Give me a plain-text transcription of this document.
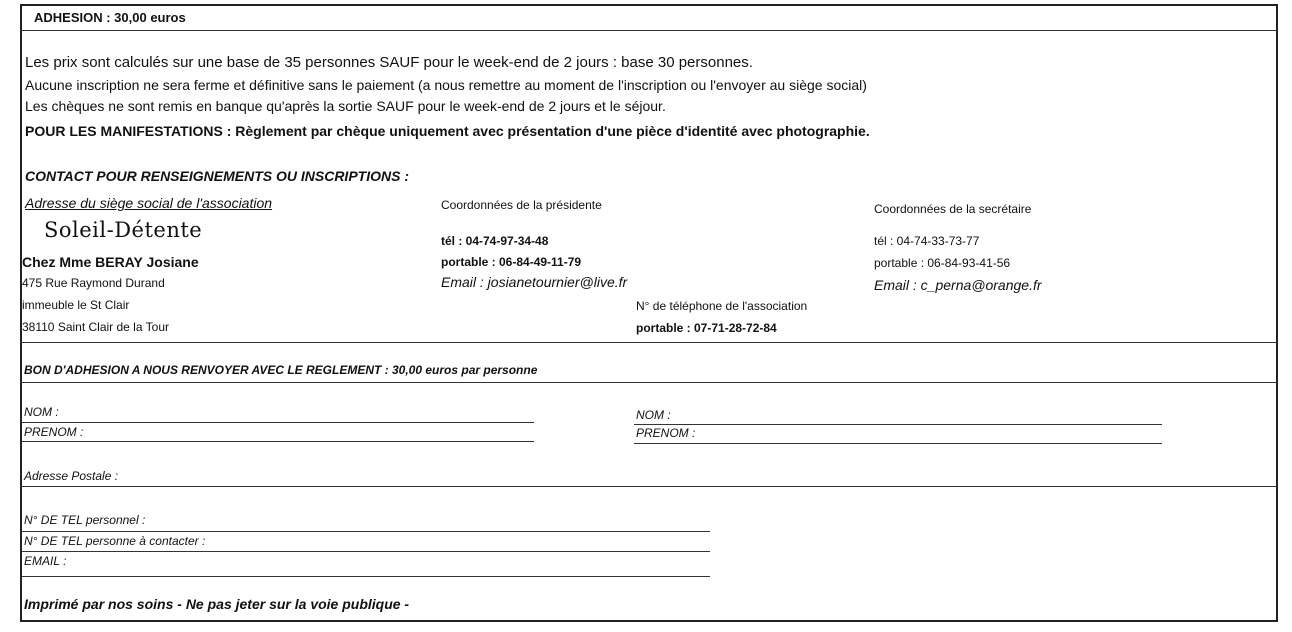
ADHESION : 30,00 euros
Les prix sont calculés sur une base de 35 personnes SAUF pour le week-end de 2 jours : base 30 personnes.
Aucune inscription ne sera ferme et définitive sans le paiement (a nous remettre au moment de l'inscription ou l'envoyer au siège social)
Les chèques ne sont remis en banque qu'après la sortie SAUF pour le week-end de 2 jours et le séjour.
POUR LES MANIFESTATIONS : Règlement par chèque uniquement avec présentation d'une pièce d'identité avec photographie.
CONTACT POUR RENSEIGNEMENTS OU INSCRIPTIONS :
Adresse du siège social de l'association
Soleil-Détente
Chez Mme BERAY Josiane
475 Rue Raymond Durand
immeuble le St Clair
38110 Saint Clair de la Tour
Coordonnées de la présidente
tél : 04-74-97-34-48
portable : 06-84-49-11-79
Email : josianetournier@live.fr
N° de téléphone de l'association
portable : 07-71-28-72-84
Coordonnées de la secrétaire
tél : 04-74-33-73-77
portable : 06-84-93-41-56
Email : c_perna@orange.fr
BON D'ADHESION A NOUS RENVOYER AVEC LE REGLEMENT : 30,00 euros par personne
NOM :
PRENOM :
NOM :
PRENOM :
Adresse Postale :
N° DE TEL personnel :
N° DE TEL personne à contacter :
EMAIL :
Imprimé par nos soins - Ne pas jeter sur la voie publique -
